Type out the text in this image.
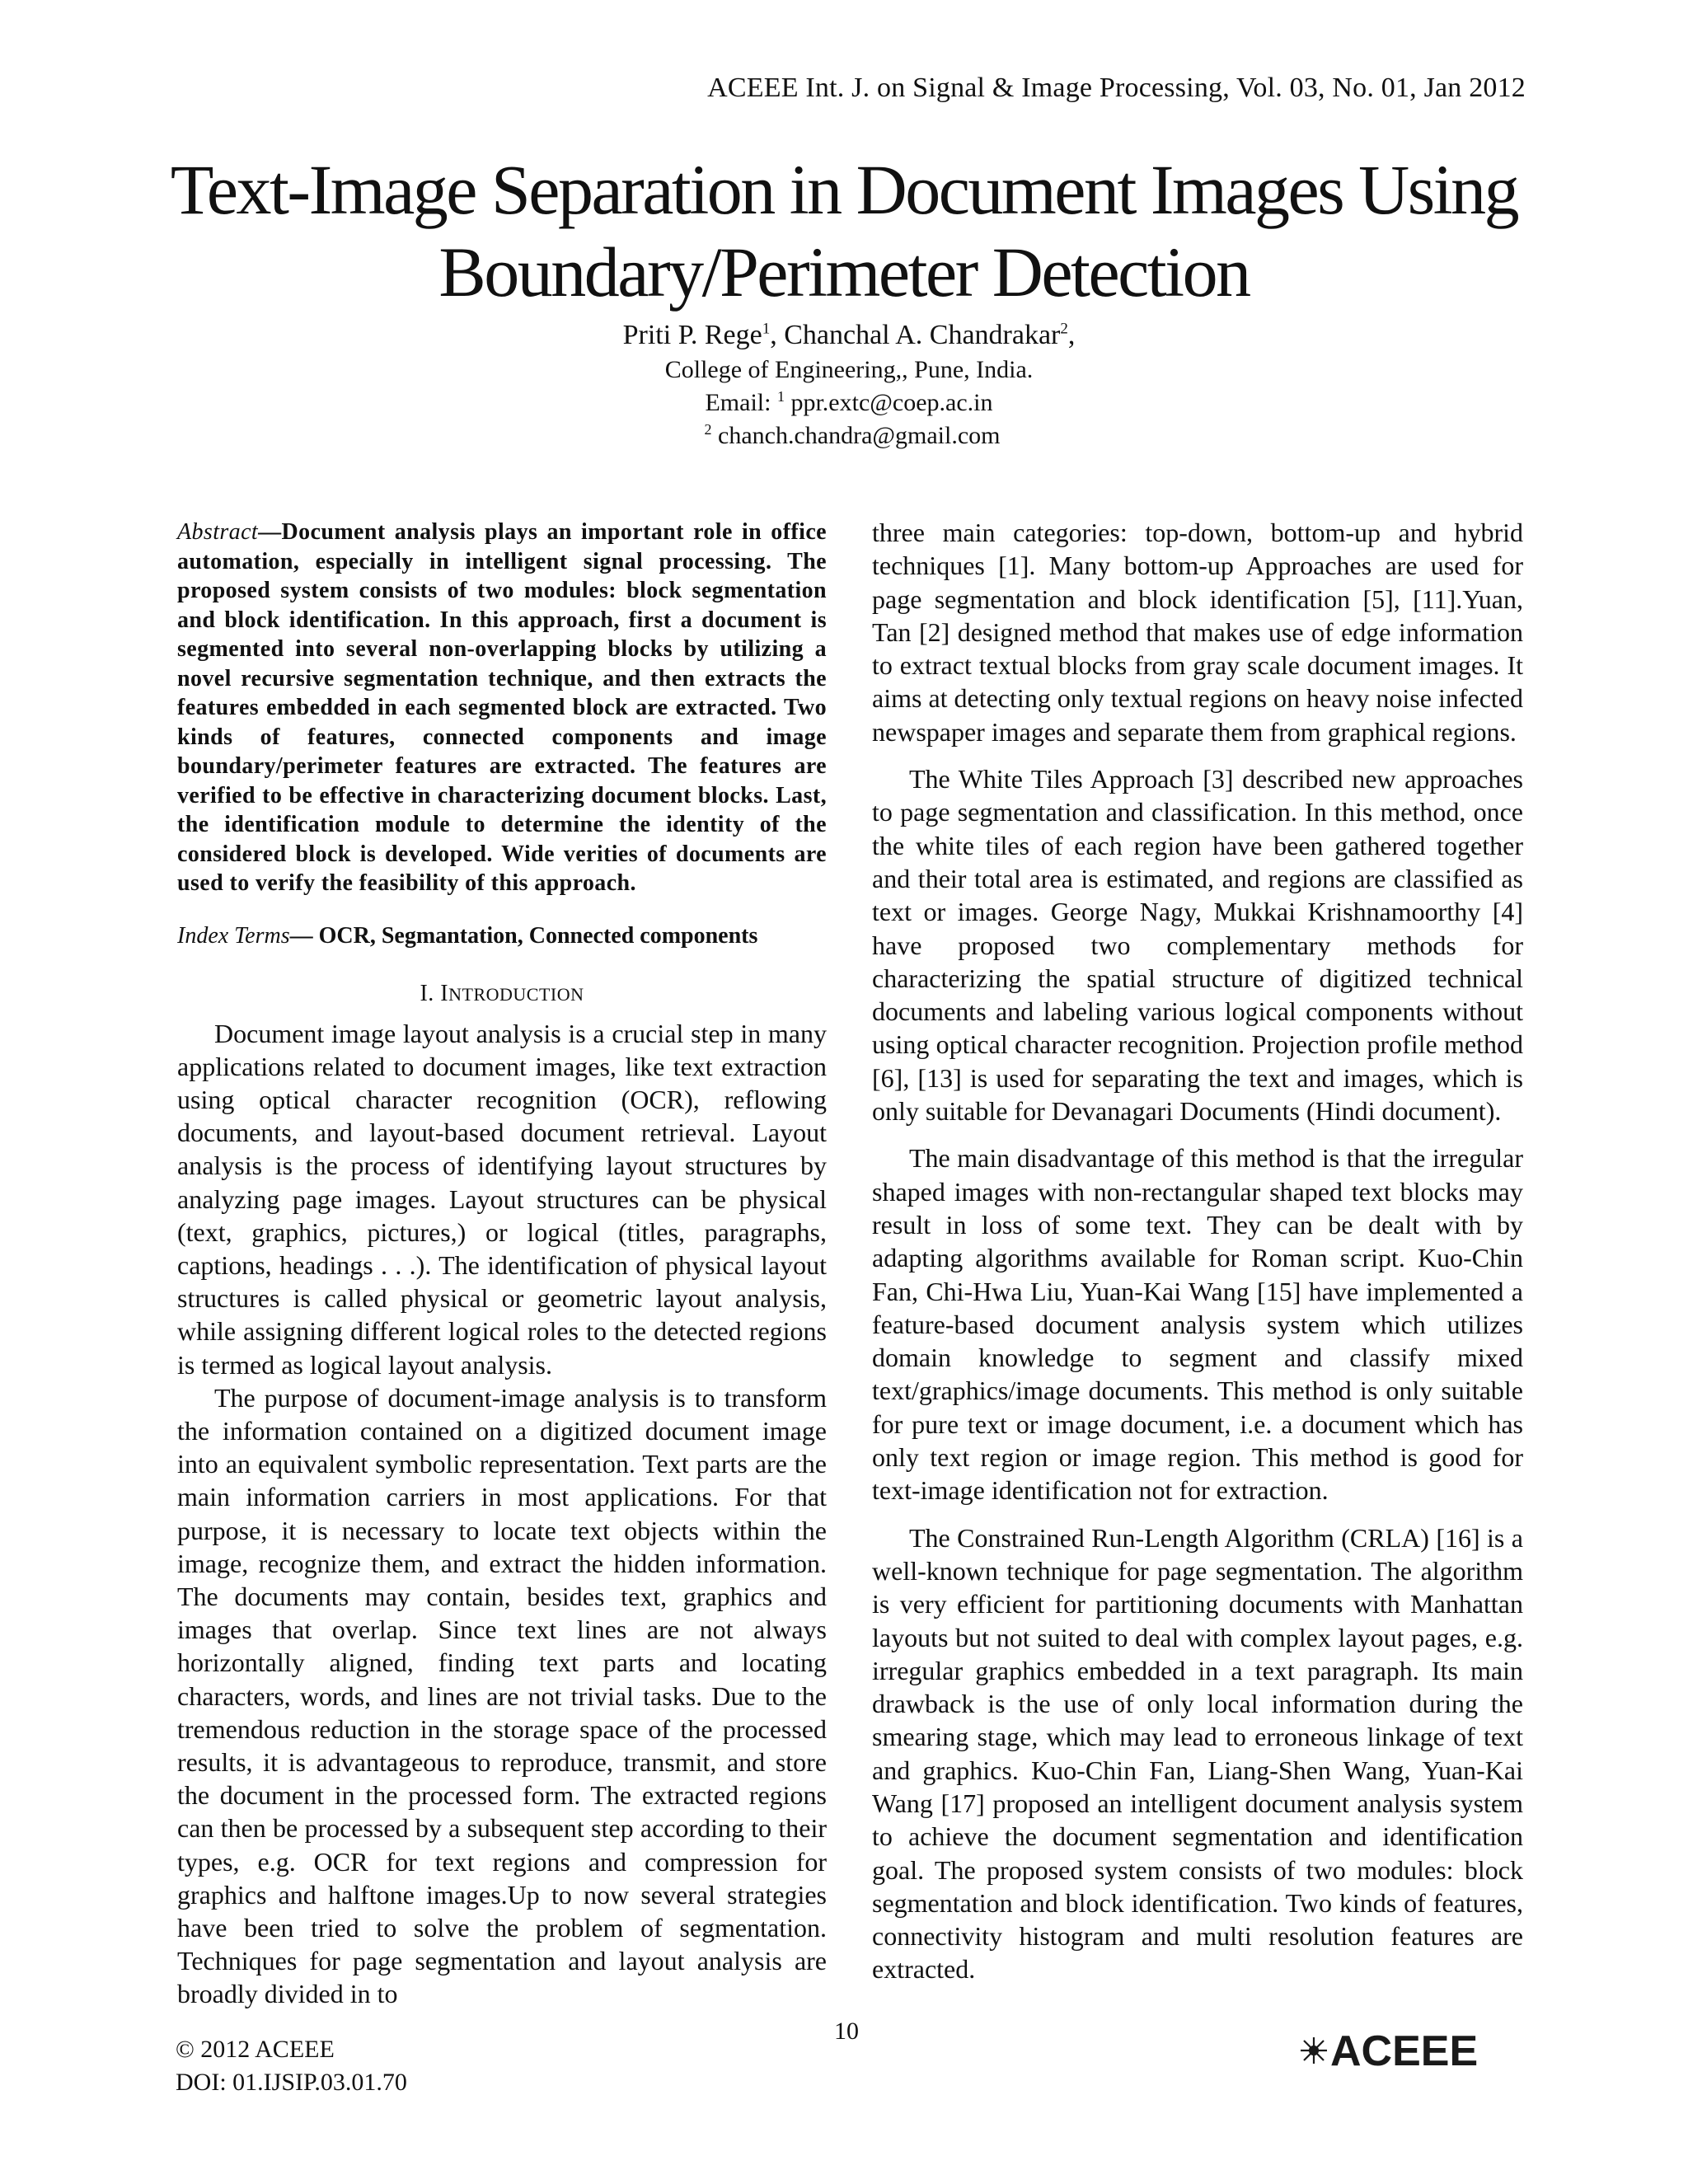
ACEEE Int. J. on Signal & Image Processing, Vol. 03, No. 01, Jan 2012
Text-Image Separation in Document Images Using
Boundary/Perimeter Detection
Priti P. Rege$^1$, Chanchal A. Chandrakar$^2$,
College of Engineering,, Pune, India.
Email: $^1$ ppr.extc@coep.ac.in
$^2$ chanch.chandra@gmail.com

Abstract—Document analysis plays an important role in office automation, especially in intelligent signal processing. The proposed system consists of two modules: block segmentation and block identification. In this approach, first a document is segmented into several non-overlapping blocks by utilizing a novel recursive segmentation technique, and then extracts the features embedded in each segmented block are extracted. Two kinds of features, connected components and image boundary/perimeter features are extracted. The features are verified to be effective in characterizing document blocks. Last, the identification module to determine the identity of the considered block is developed. Wide verities of documents are used to verify the feasibility of this approach.

Index Terms— OCR, Segmantation, Connected components

I. INTRODUCTION

Document image layout analysis is a crucial step in many applications related to document images, like text extraction using optical character recognition (OCR), reflowing documents, and layout-based document retrieval. Layout analysis is the process of identifying layout structures by analyzing page images. Layout structures can be physical (text, graphics, pictures,) or logical (titles, paragraphs, captions, headings . . .). The identification of physical layout structures is called physical or geometric layout analysis, while assigning different logical roles to the detected regions is termed as logical layout analysis.

The purpose of document-image analysis is to transform the information contained on a digitized document image into an equivalent symbolic representation. Text parts are the main information carriers in most applications. For that purpose, it is necessary to locate text objects within the image, recognize them, and extract the hidden information. The documents may contain, besides text, graphics and images that overlap. Since text lines are not always horizontally aligned, finding text parts and locating characters, words, and lines are not trivial tasks. Due to the tremendous reduction in the storage space of the processed results, it is advantageous to reproduce, transmit, and store the document in the processed form. The extracted regions can then be processed by a subsequent step according to their types, e.g. OCR for text regions and compression for graphics and halftone images.Up to now several strategies have been tried to solve the problem of segmentation. Techniques for page segmentation and layout analysis are broadly divided in to

three main categories: top-down, bottom-up and hybrid techniques [1]. Many bottom-up Approaches are used for page segmentation and block identification [5], [11].Yuan, Tan [2] designed method that makes use of edge information to extract textual blocks from gray scale document images. It aims at detecting only textual regions on heavy noise infected newspaper images and separate them from graphical regions.

The White Tiles Approach [3] described new approaches to page segmentation and classification. In this method, once the white tiles of each region have been gathered together and their total area is estimated, and regions are classified as text or images. George Nagy, Mukkai Krishnamoorthy [4] have proposed two complementary methods for characterizing the spatial structure of digitized technical documents and labeling various logical components without using optical character recognition. Projection profile method [6], [13] is used for separating the text and images, which is only suitable for Devanagari Documents (Hindi document).

The main disadvantage of this method is that the irregular shaped images with non-rectangular shaped text blocks may result in loss of some text. They can be dealt with by adapting algorithms available for Roman script. Kuo-Chin Fan, Chi-Hwa Liu, Yuan-Kai Wang [15] have implemented a feature-based document analysis system which utilizes domain knowledge to segment and classify mixed text/graphics/image documents. This method is only suitable for pure text or image document, i.e. a document which has only text region or image region. This method is good for text-image identification not for extraction.

The Constrained Run-Length Algorithm (CRLA) [16] is a well-known technique for page segmentation. The algorithm is very efficient for partitioning documents with Manhattan layouts but not suited to deal with complex layout pages, e.g. irregular graphics embedded in a text paragraph. Its main drawback is the use of only local information during the smearing stage, which may lead to erroneous linkage of text and graphics. Kuo-Chin Fan, Liang-Shen Wang, Yuan-Kai Wang [17] proposed an intelligent document analysis system to achieve the document segmentation and identification goal. The proposed system consists of two modules: block segmentation and block identification. Two kinds of features, connectivity histogram and multi resolution features are extracted.

10
© 2012 ACEEE
DOI: 01.IJSIP.03.01.70
ACEEE
